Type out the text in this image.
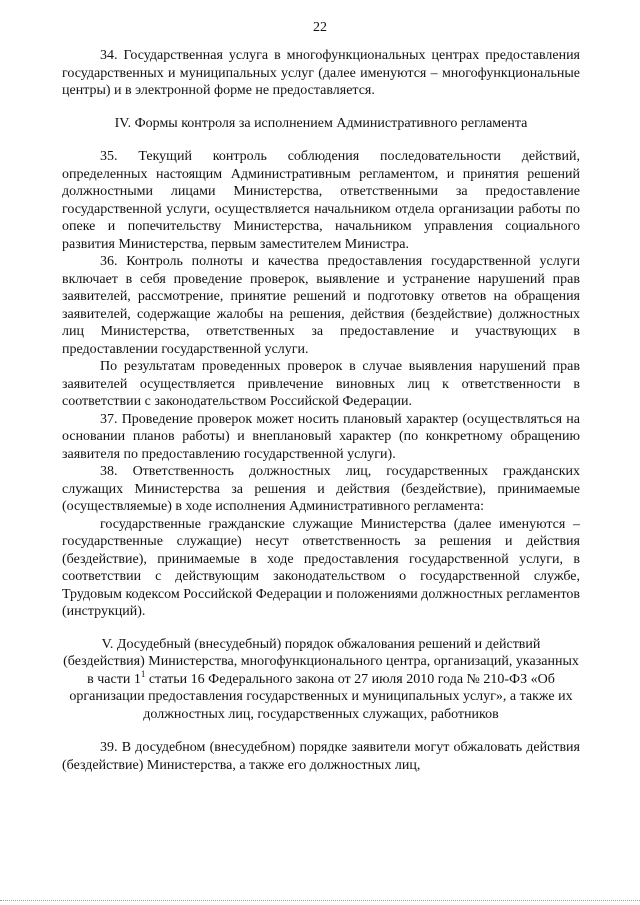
22

34. Государственная услуга в многофункциональных центрах предоставления государственных и муниципальных услуг (далее именуются – многофункциональные центры) и в электронной форме не предоставляется.

IV. Формы контроля за исполнением Административного регламента

35. Текущий контроль соблюдения последовательности действий, определенных настоящим Административным регламентом, и принятия решений должностными лицами Министерства, ответственными за предоставление государственной услуги, осуществляется начальником отдела организации работы по опеке и попечительству Министерства, начальником управления социального развития Министерства, первым заместителем Министра.

36. Контроль полноты и качества предоставления государственной услуги включает в себя проведение проверок, выявление и устранение нарушений прав заявителей, рассмотрение, принятие решений и подготовку ответов на обращения заявителей, содержащие жалобы на решения, действия (бездействие) должностных лиц Министерства, ответственных за предоставление и участвующих в предоставлении государственной услуги.

По результатам проведенных проверок в случае выявления нарушений прав заявителей осуществляется привлечение виновных лиц к ответственности в соответствии с законодательством Российской Федерации.

37. Проведение проверок может носить плановый характер (осуществляться на основании планов работы) и внеплановый характер (по конкретному обращению заявителя по предоставлению государственной услуги).

38. Ответственность должностных лиц, государственных гражданских служащих Министерства за решения и действия (бездействие), принимаемые (осуществляемые) в ходе исполнения Административного регламента:

государственные гражданские служащие Министерства (далее именуются – государственные служащие) несут ответственность за решения и действия (бездействие), принимаемые в ходе предоставления государственной услуги, в соответствии с действующим законодательством о государственной службе, Трудовым кодексом Российской Федерации и положениями должностных регламентов (инструкций).

V. Досудебный (внесудебный) порядок обжалования решений и действий (бездействия) Министерства, многофункционального центра, организаций, указанных в части $1^1$ статьи 16 Федерального закона от 27 июля 2010 года № 210-ФЗ «Об организации предоставления государственных и муниципальных услуг», а также их должностных лиц, государственных служащих, работников

39. В досудебном (внесудебном) порядке заявители могут обжаловать действия (бездействие) Министерства, а также его должностных лиц,
